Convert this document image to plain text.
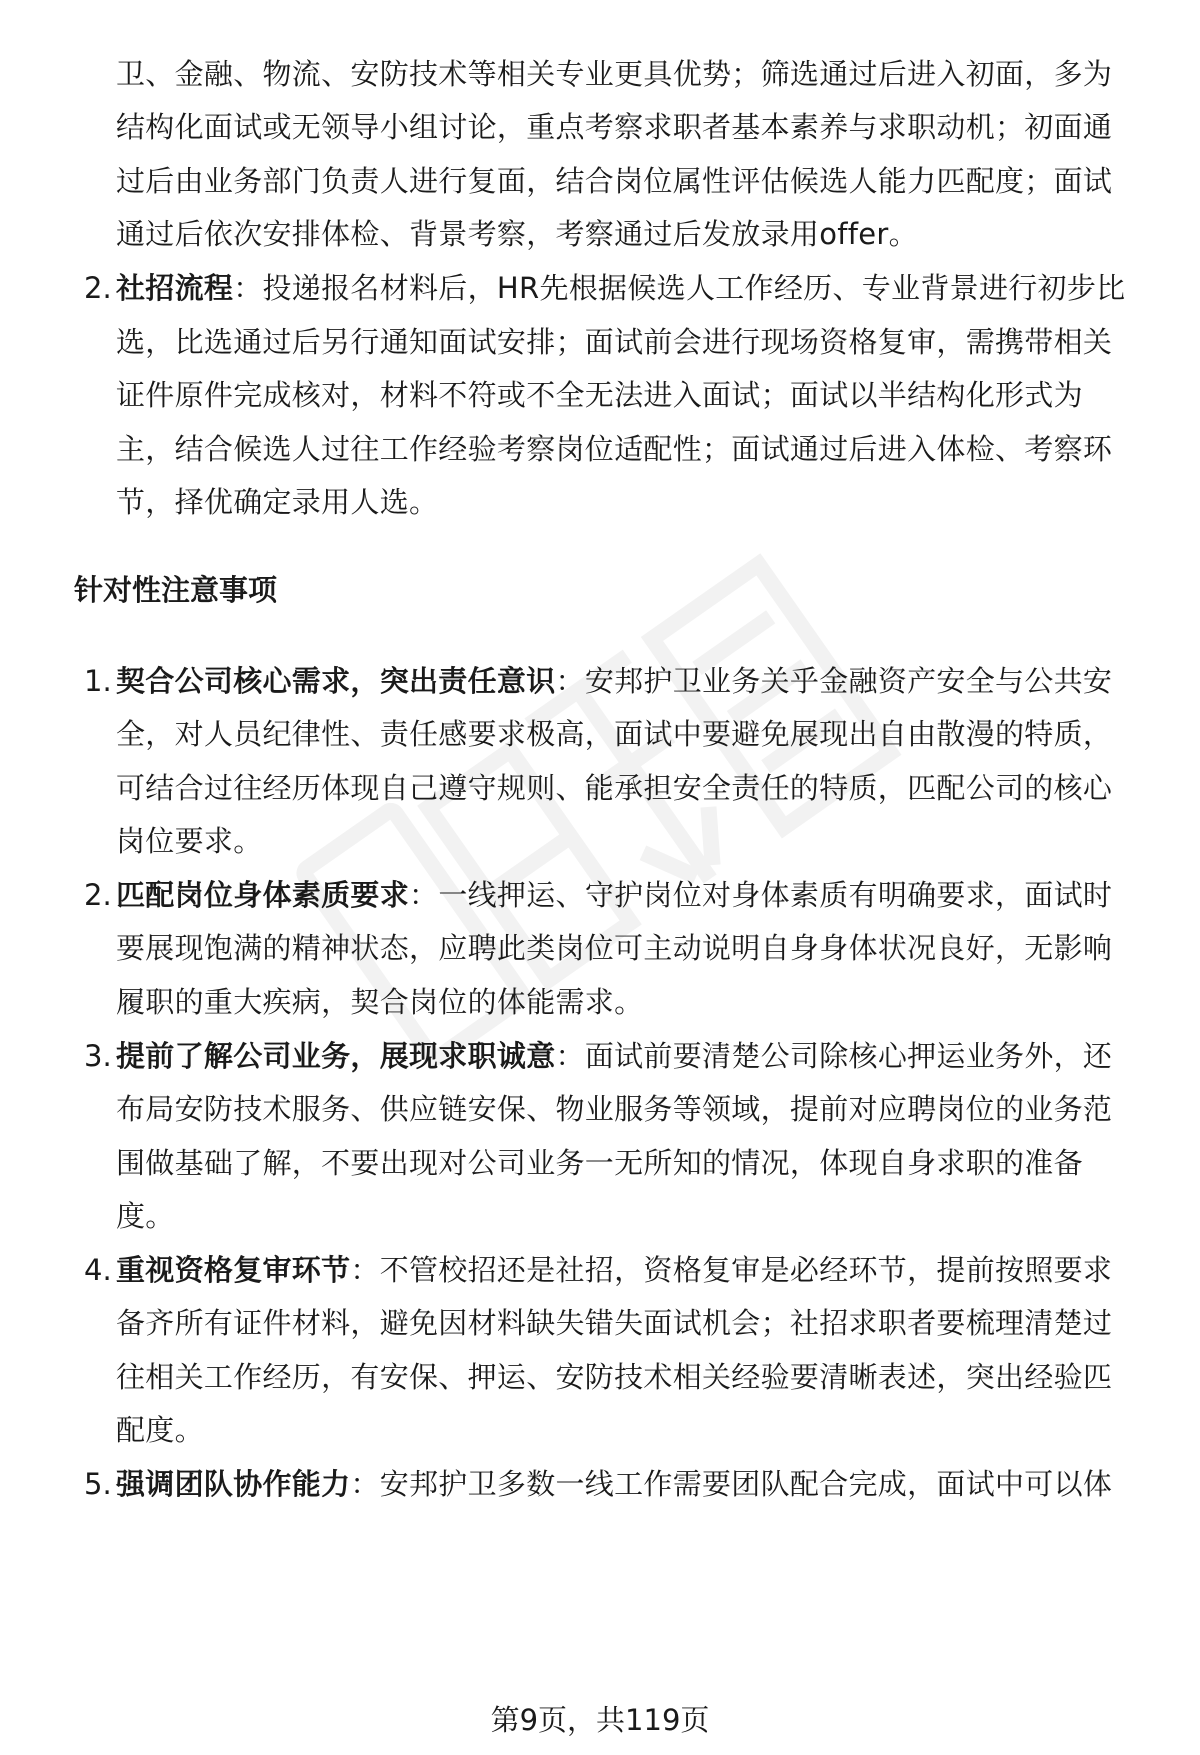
卫、金融、物流、安防技术等相关专业更具优势；筛选通过后进入初面，多为
结构化面试或无领导小组讨论，重点考察求职者基本素养与求职动机；初面通
过后由业务部门负责人进行复面，结合岗位属性评估候选人能力匹配度；面试
通过后依次安排体检、背景考察，考察通过后发放录用offer。
2. 社招流程：投递报名材料后，HR先根据候选人工作经历、专业背景进行初步比
选，比选通过后另行通知面试安排；面试前会进行现场资格复审，需携带相关
证件原件完成核对，材料不符或不全无法进入面试；面试以半结构化形式为
主，结合候选人过往工作经验考察岗位适配性；面试通过后进入体检、考察环
节，择优确定录用人选。
针对性注意事项
1. 契合公司核心需求，突出责任意识：安邦护卫业务关乎金融资产安全与公共安
全，对人员纪律性、责任感要求极高，面试中要避免展现出自由散漫的特质，
可结合过往经历体现自己遵守规则、能承担安全责任的特质，匹配公司的核心
岗位要求。
2. 匹配岗位身体素质要求：一线押运、守护岗位对身体素质有明确要求，面试时
要展现饱满的精神状态，应聘此类岗位可主动说明自身身体状况良好，无影响
履职的重大疾病，契合岗位的体能需求。
3. 提前了解公司业务，展现求职诚意：面试前要清楚公司除核心押运业务外，还
布局安防技术服务、供应链安保、物业服务等领域，提前对应聘岗位的业务范
围做基础了解，不要出现对公司业务一无所知的情况，体现自身求职的准备
度。
4. 重视资格复审环节：不管校招还是社招，资格复审是必经环节，提前按照要求
备齐所有证件材料，避免因材料缺失错失面试机会；社招求职者要梳理清楚过
往相关工作经历，有安保、押运、安防技术相关经验要清晰表述，突出经验匹
配度。
5. 强调团队协作能力：安邦护卫多数一线工作需要团队配合完成，面试中可以体
第9页，共119页
